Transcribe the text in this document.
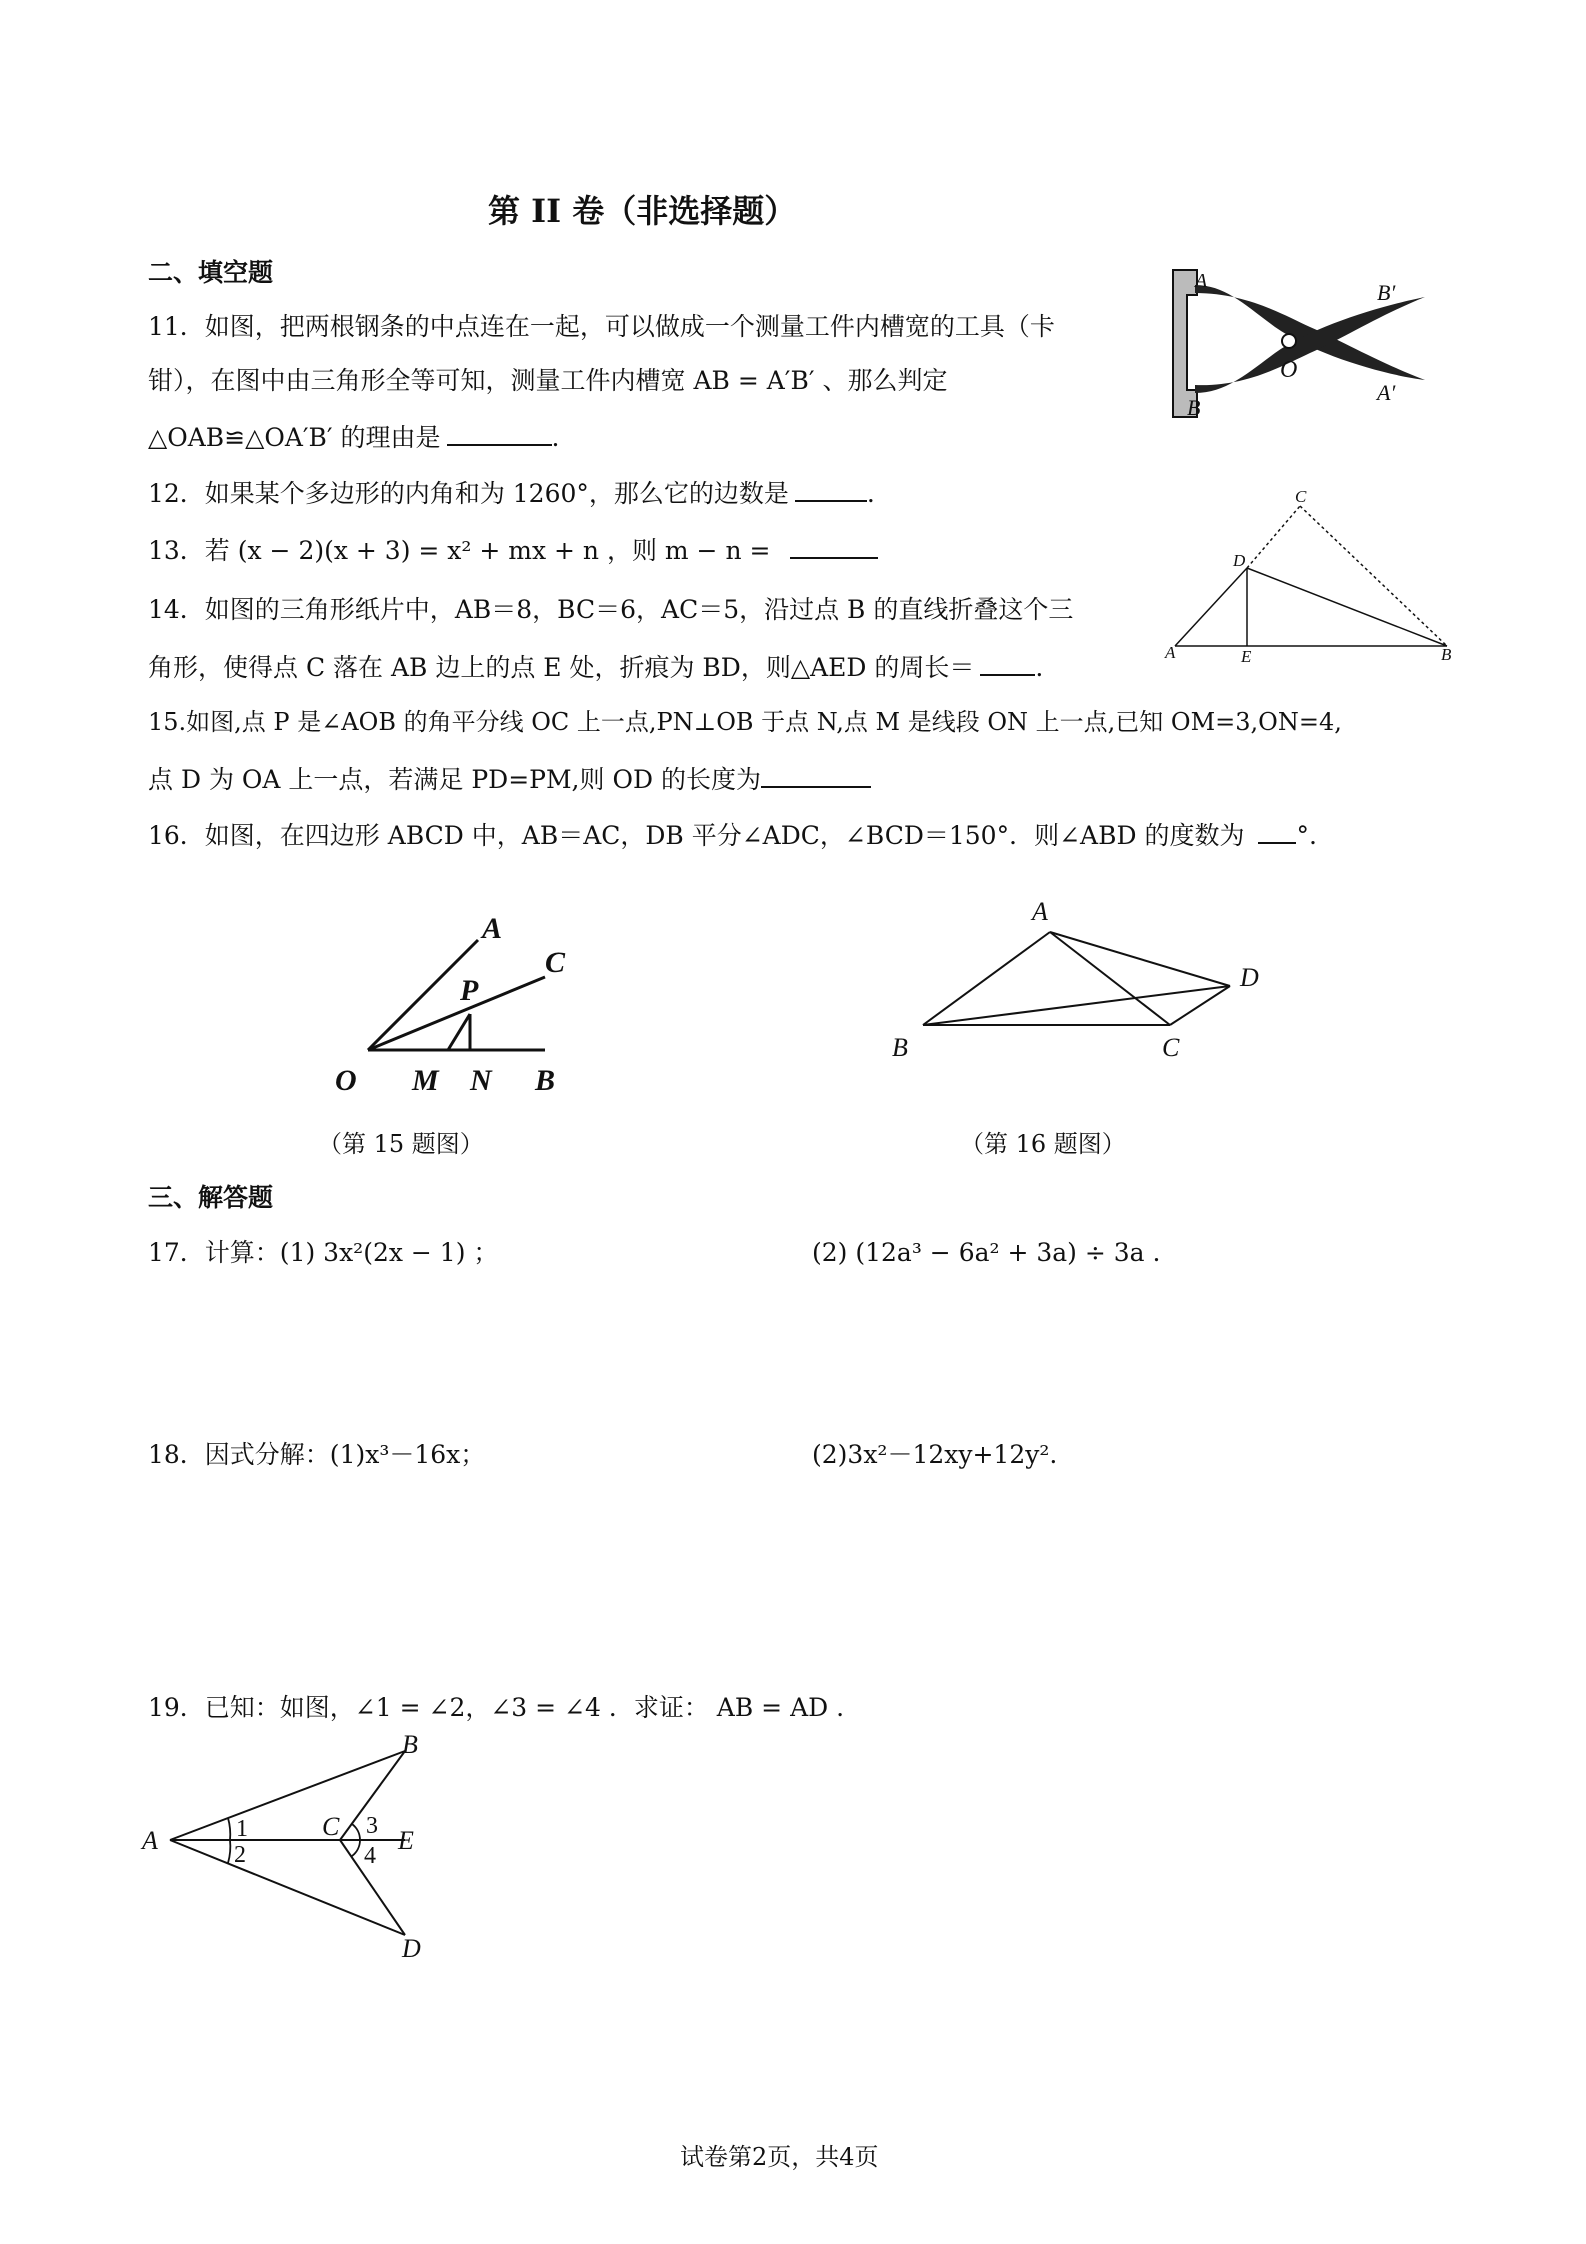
第 II 卷（非选择题）
二、填空题
11．如图，把两根钢条的中点连在一起，可以做成一个测量工件内槽宽的工具（卡
钳），在图中由三角形全等可知，测量工件内槽宽 AB = A′B′ 、那么判定
△OAB≌△OA′B′ 的理由是	.
12．如果某个多边形的内角和为 1260°，那么它的边数是	.
13．若 (x − 2)(x + 3) = x² + mx + n ，则 m − n =
14．如图的三角形纸片中，AB＝8，BC＝6，AC＝5，沿过点 B 的直线折叠这个三
角形，使得点 C 落在 AB 边上的点 E 处，折痕为 BD，则△AED 的周长＝ .
15.如图,点 P 是∠AOB 的角平分线 OC 上一点,PN⊥OB 于点 N,点 M 是线段 ON 上一点,已知 OM=3,ON=4,
点 D 为 OA 上一点，若满足 PD=PM,则 OD 的长度为
16．如图，在四边形 ABCD 中，AB＝AC，DB 平分∠ADC，∠BCD＝150°．则∠ABD 的度数为 °.
A
B
B′
A′
O
C
D
A	E	B
A
C
P
O M N B
（第 15 题图）
A
B	C
D
（第 16 题图）
三、解答题
17．计算：(1) 3x²(2x − 1) ；	(2) (12a³ − 6a² + 3a) ÷ 3a .
18．因式分解：(1)x³－16x；	(2)3x²－12xy+12y².
19．已知：如图，∠1 = ∠2，∠3 = ∠4 ．求证： AB = AD .
A
B
C
D
E
1
2
3
4
试卷第2页，共4页
